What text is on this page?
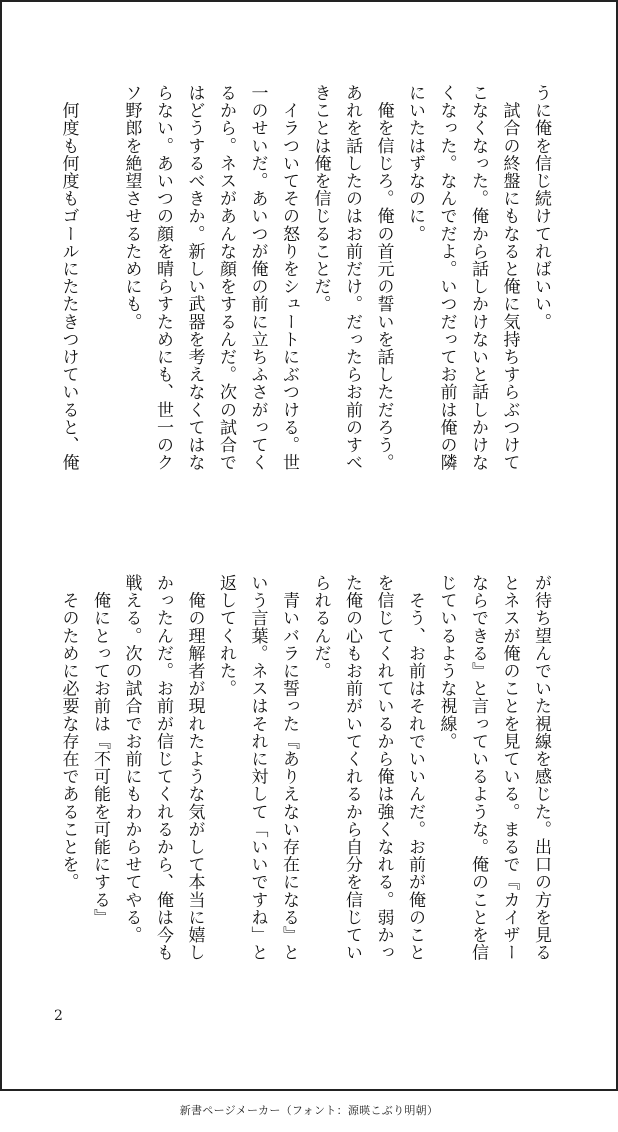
うに俺を信じ続けてればいい。
　試合の終盤にもなると俺に気持ちすらぶつけて
こなくなった。俺から話しかけないと話しかけな
くなった。なんでだよ。いつだってお前は俺の隣
にいたはずなのに。
　俺を信じろ。俺の首元の誓いを話しただろう。
あれを話したのはお前だけ。だったらお前のすべ
きことは俺を信じることだ。
　イラついてその怒りをシュートにぶつける。世
一のせいだ。あいつが俺の前に立ちふさがってく
るから。ネスがあんな顔をするんだ。次の試合で
はどうするべきか。新しい武器を考えなくてはな
らない。あいつの顔を晴らすためにも、世一のク
ソ野郎を絶望させるためにも。

　何度も何度もゴールにたたきつけていると、俺
が待ち望んでいた視線を感じた。出口の方を見る
とネスが俺のことを見ている。まるで『カイザー
ならできる』と言っているような。俺のことを信
じているような視線。
　そう、お前はそれでいいんだ。お前が俺のこと
を信じてくれているから俺は強くなれる。弱かっ
た俺の心もお前がいてくれるから自分を信じてい
られるんだ。
　青いバラに誓った『ありえない存在になる』と
いう言葉。ネスはそれに対して「いいですね」と
返してくれた。
　俺の理解者が現れたような気がして本当に嬉し
かったんだ。お前が信じてくれるから、俺は今も
戦える。次の試合でお前にもわからせてやる。
　俺にとってお前は『不可能を可能にする』
　そのために必要な存在であることを。
2
新書ページメーカー（フォント：源暎こぶり明朝）
